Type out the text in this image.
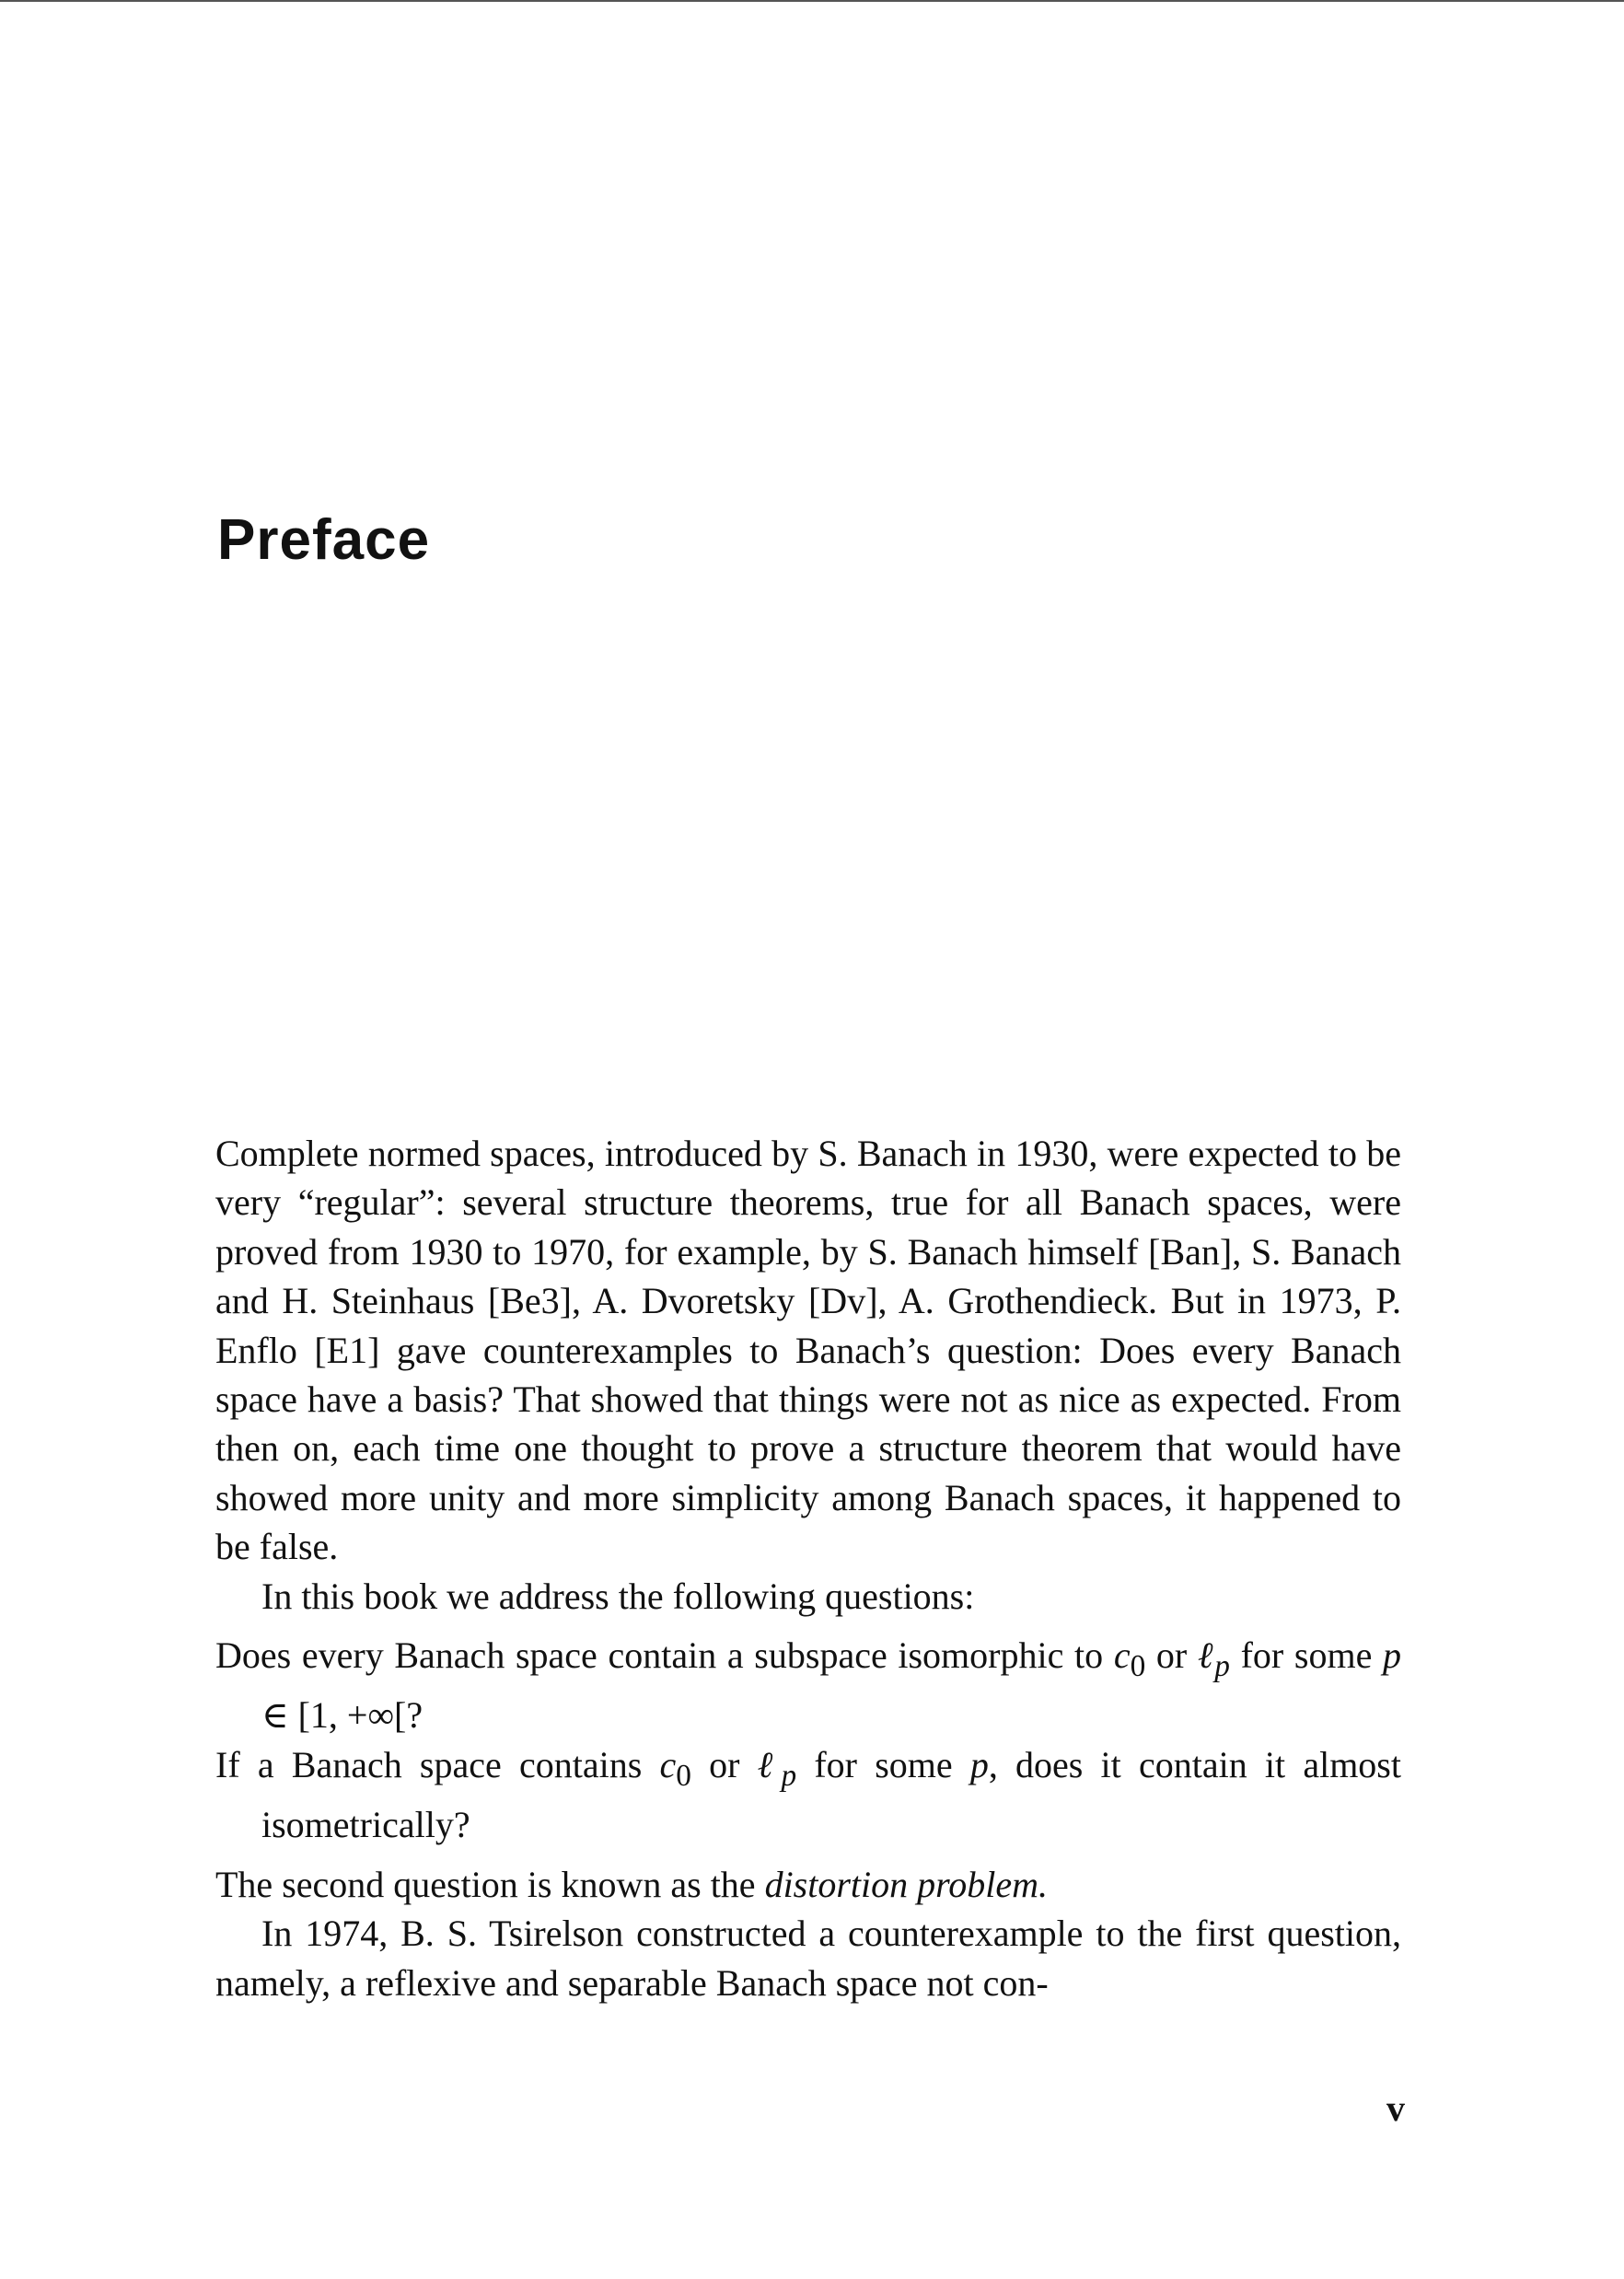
Preface

Complete normed spaces, introduced by S. Banach in 1930, were expected to be very “regular”: several structure theorems, true for all Banach spaces, were proved from 1930 to 1970, for example, by S. Banach himself [Ban], S. Banach and H. Steinhaus [Be3], A. Dvoretsky [Dv], A. Grothendieck. But in 1973, P. Enflo [E1] gave counterexamples to Banach’s question: Does every Banach space have a basis? That showed that things were not as nice as expected. From then on, each time one thought to prove a structure theorem that would have showed more unity and more simplicity among Banach spaces, it happened to be false.

In this book we address the following questions:

Does every Banach space contain a subspace isomorphic to $c_0$ or ℓ$_p$ for some p ∈ [1, +∞[?

If a Banach space contains $c_0$ or ℓ$_p$ for some p, does it contain it almost isometrically?

The second question is known as the distortion problem.

In 1974, B. S. Tsirelson constructed a counterexample to the first question, namely, a reflexive and separable Banach space not con-

v
